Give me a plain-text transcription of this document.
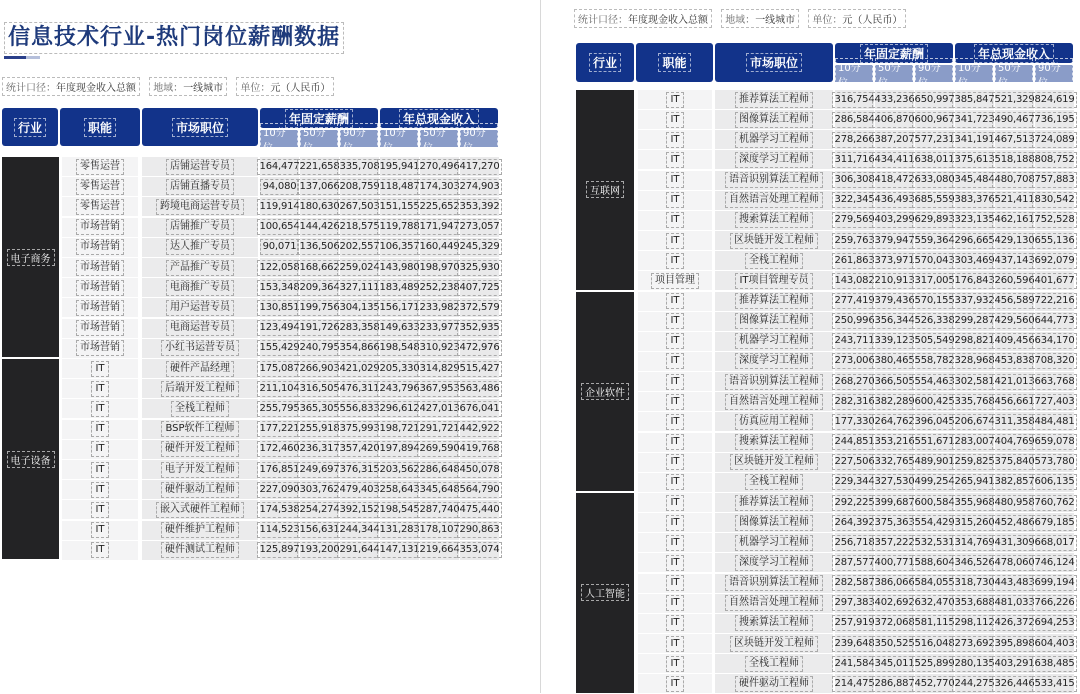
信息技术行业-热门岗位薪酬数据
统计口径：年度现金收入总额 地域：一线城市 单位：元（人民币）
行业	职能	市场职位
年固定薪酬	年总现金收入
10分位
50分位
90分位
10分位
50分位
90分位
电子商务
零售运营	店铺运营专员	164,477 221,658 335,708 195,941 270,496 417,270
零售运营	店铺直播专员	94,080 137,066 208,759 118,487 174,303 274,903
零售运营	跨境电商运营专员	119,914 180,630 267,503 151,155 225,652 353,392
市场营销	店铺推广专员	100,654 144,426 218,575 119,788 171,947 273,057
市场营销	达人推广专员	90,071 136,506 202,557 106,357 160,449 245,329
市场营销	产品推广专员	122,058 168,662 259,024 143,980 198,970 325,930
市场营销	电商推广专员	153,348 209,364 327,111 183,489 252,238 407,725
市场营销	用户运营专员	130,851 199,756 304,135 156,171 233,982 372,579
市场营销	电商运营专员	123,494 191,726 283,358 149,633 233,977 352,935
市场营销	小红书运营专员	155,429 240,795 354,866 198,548 310,923 472,976
电子设备
IT	硬件产品经理	175,087 266,903 421,029 205,330 314,829 515,427
IT	后端开发工程师	211,104 316,505 476,311 243,796 367,953 563,486
IT	全栈工程师	255,795 365,305 556,833 296,612 427,013 676,041
IT	BSP软件工程师	177,221 255,918 375,993 198,721 291,721 442,922
IT	硬件开发工程师	172,460 236,317 357,420 197,894 269,590 419,768
IT	电子开发工程师	176,851 249,697 376,315 203,562 286,648 450,078
IT	硬件驱动工程师	227,090 303,762 479,403 258,643 345,648 564,790
IT	嵌入式硬件工程师	174,538 254,274 392,152 198,545 287,740 475,440
IT	硬件维护工程师	114,523 156,631 244,344 131,283 178,107 290,863
IT	硬件测试工程师	125,897 193,200 291,644 147,131 219,664 353,074
统计口径：年度现金收入总额 地域：一线城市 单位：元（人民币）
行业	职能	市场职位
年固定薪酬	年总现金收入
10分位
50分位
90分位
10分位
50分位
90分位
互联网
IT	推荐算法工程师	316,754 433,236 650,997 385,847 521,329 824,619
IT	图像算法工程师	286,584 406,870 600,967 341,723 490,467 736,195
IT	机器学习工程师	278,266 387,207 577,231 341,191 467,513 724,089
IT	深度学习工程师	311,716 434,411 638,011 375,613 518,188 808,752
IT	语音识别算法工程师	306,308 418,472 633,080 345,484 480,708 757,883
IT	自然语言处理工程师	322,345 436,493 685,559 383,376 521,411 830,542
IT	搜索算法工程师	279,569 403,299 629,893 323,135 462,161 752,528
IT	区块链开发工程师	259,763 379,947 559,364 296,665 429,130 655,136
IT	全栈工程师	261,863 373,971 570,043 303,469 437,143 692,079
项目管理	IT项目管理专员	143,082 210,913 317,005 176,843 260,596 401,677
企业软件
IT	推荐算法工程师	277,419 379,436 570,155 337,932 456,589 722,216
IT	图像算法工程师	250,996 356,344 526,338 299,287 429,560 644,773
IT	机器学习工程师	243,711 339,123 505,549 298,821 409,456 634,170
IT	深度学习工程师	273,006 380,465 558,782 328,968 453,838 708,320
IT	语音识别算法工程师	268,270 366,505 554,463 302,581 421,013 663,768
IT	自然语言处理工程师	282,316 382,289 600,425 335,768 456,661 727,403
IT	仿真应用工程师	177,330 264,762 396,045 206,674 311,358 484,481
IT	搜索算法工程师	244,851 353,216 551,671 283,007 404,769 659,078
IT	区块链开发工程师	227,506 332,765 489,901 259,825 375,840 573,780
IT	全栈工程师	229,344 327,530 499,254 265,941 382,857 606,135
人工智能
IT	推荐算法工程师	292,225 399,687 600,584 355,968 480,958 760,762
IT	图像算法工程师	264,392 375,363 554,429 315,260 452,486 679,185
IT	机器学习工程师	256,718 357,222 532,531 314,769 431,309 668,017
IT	深度学习工程师	287,577 400,771 588,604 346,526 478,060 746,124
IT	语音识别算法工程师	282,587 386,066 584,055 318,730 443,483 699,194
IT	自然语言处理工程师	297,383 402,692 632,470 353,688 481,033 766,226
IT	搜索算法工程师	257,919 372,068 581,115 298,112 426,372 694,253
IT	区块链开发工程师	239,648 350,525 516,048 273,692 395,898 604,403
IT	全栈工程师	241,584 345,011 525,899 280,135 403,291 638,485
IT	硬件驱动工程师	214,475 286,887 452,770 244,275 326,446 533,415
